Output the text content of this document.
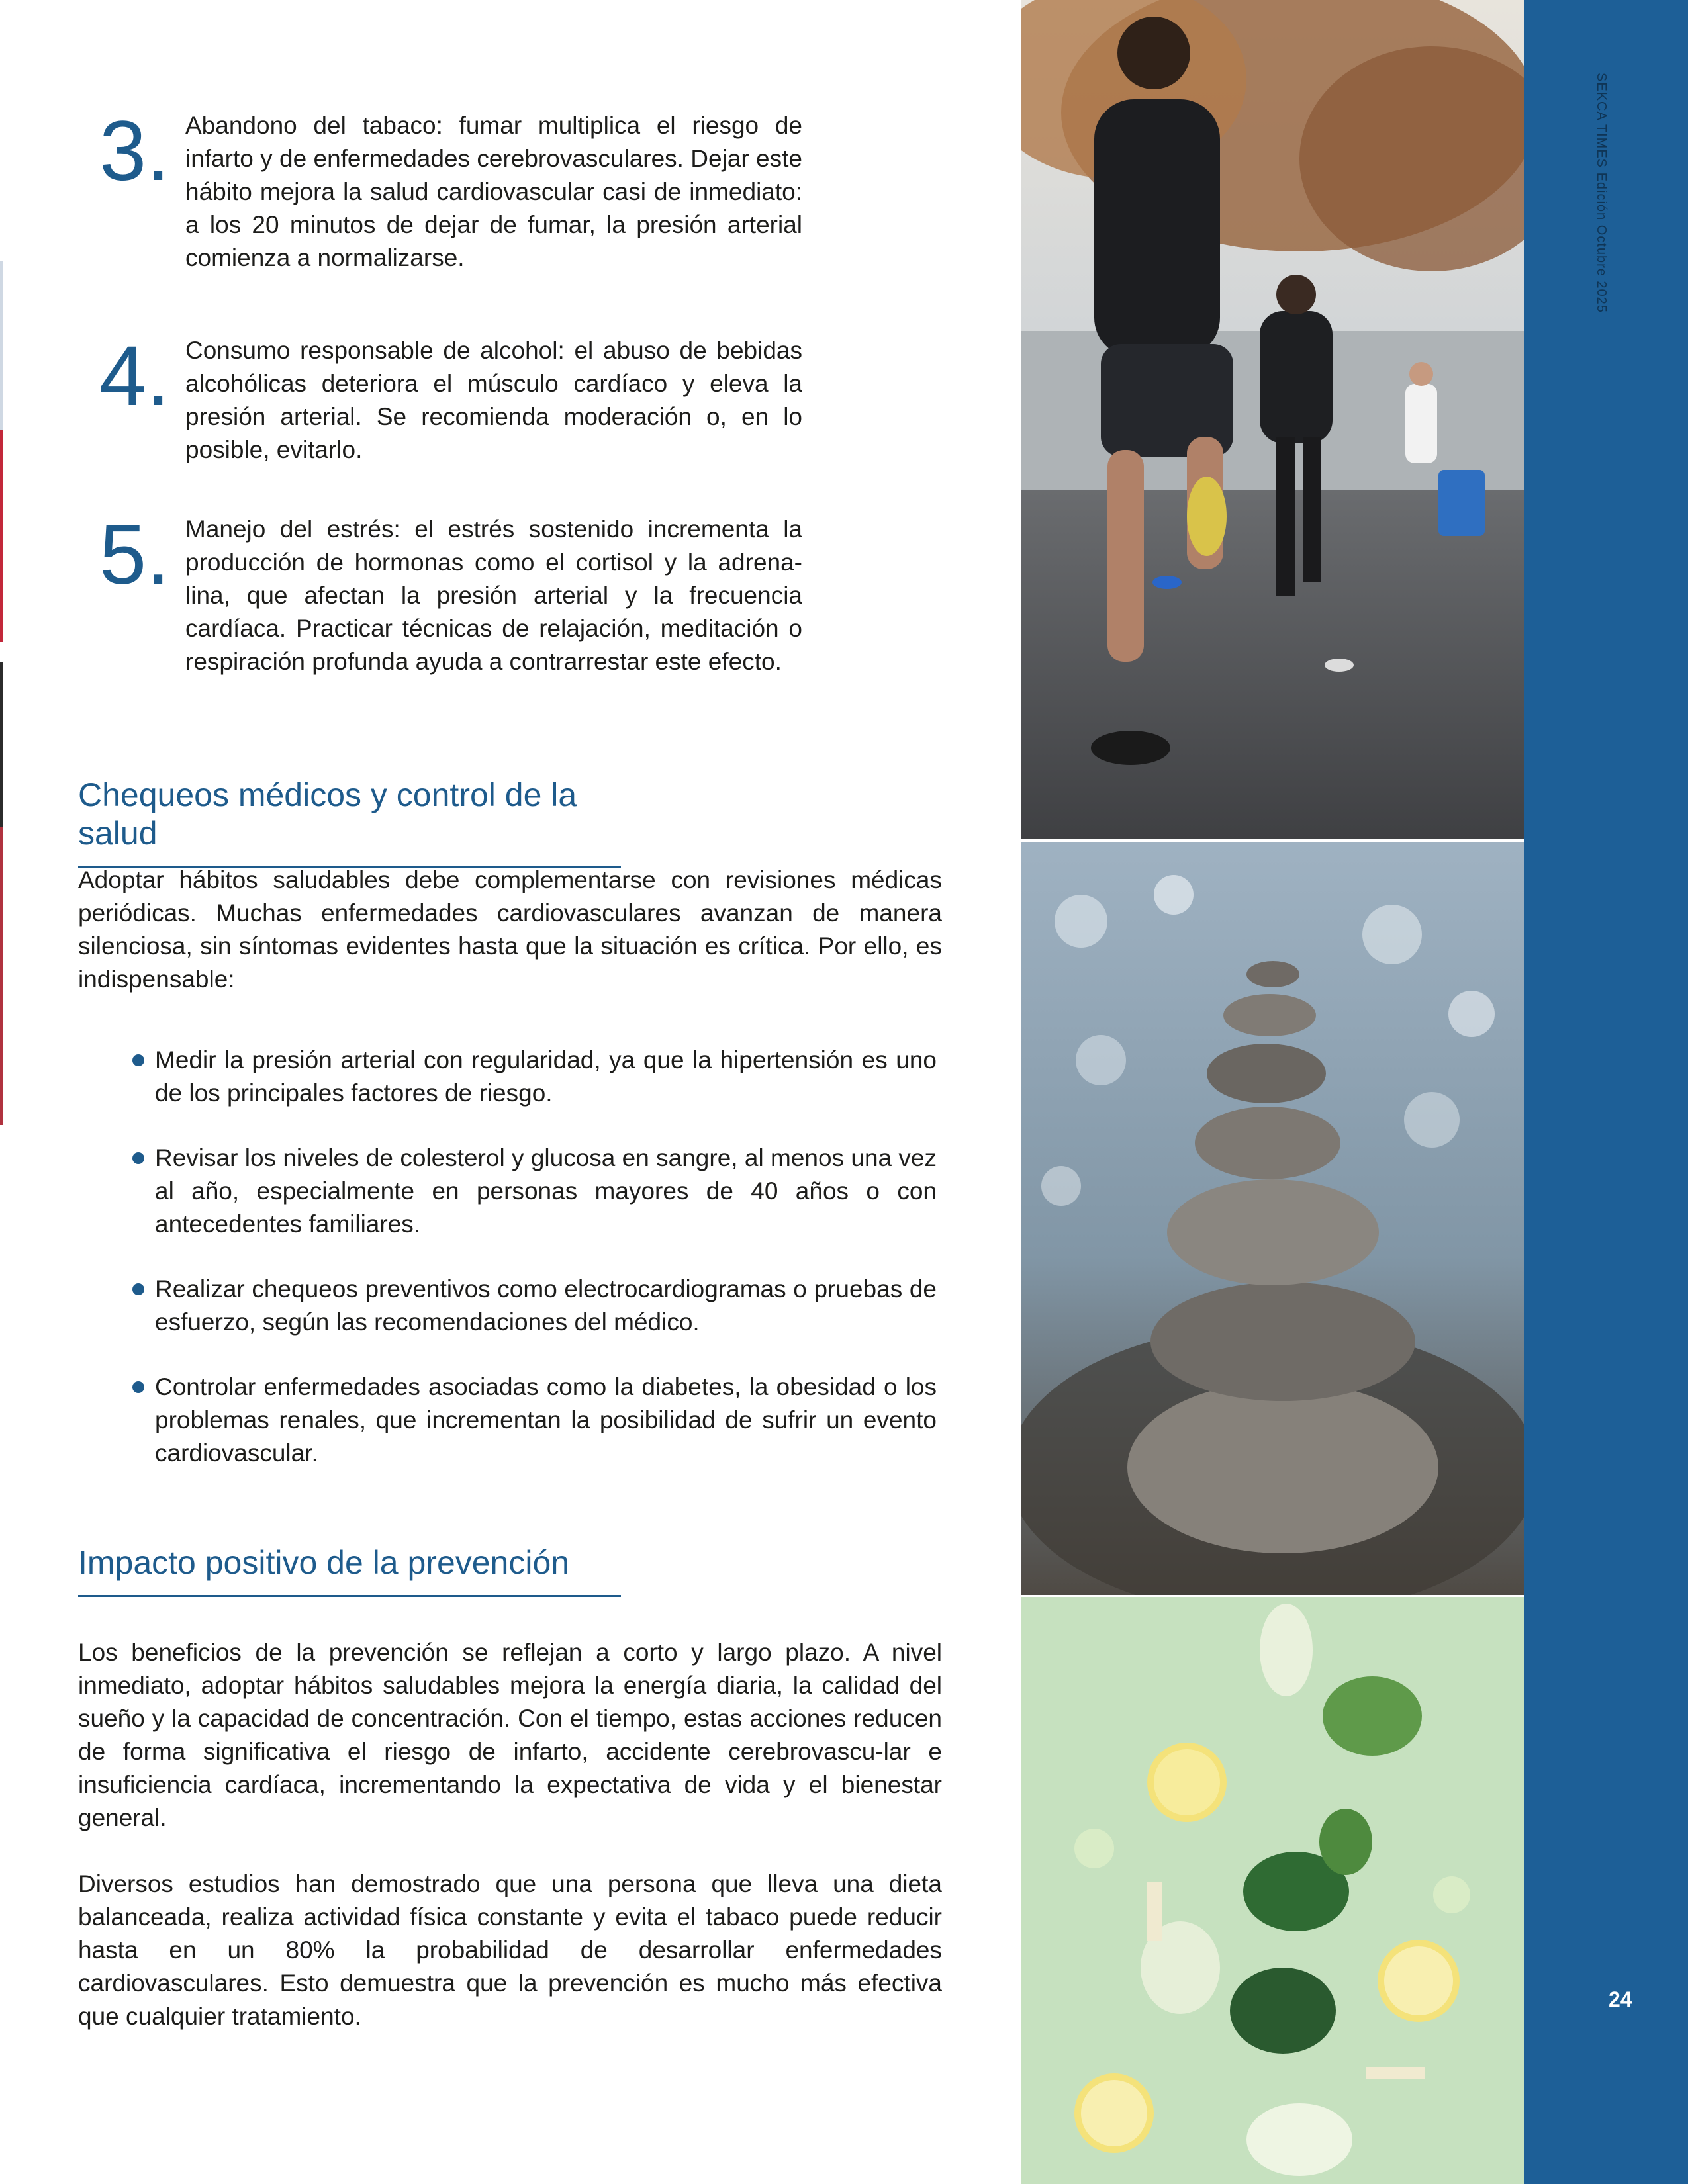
3. Abandono del tabaco: fumar multiplica el riesgo de infarto y de enfermedades cerebrovasculares. Dejar este hábito mejora la salud cardiovascular casi de inmediato: a los 20 minutos de dejar de fumar, la presión arterial comienza a normalizarse.

4. Consumo responsable de alcohol: el abuso de bebidas alcohólicas deteriora el músculo cardíaco y eleva la presión arterial. Se recomienda moderación o, en lo posible, evitarlo.

5. Manejo del estrés: el estrés sostenido incrementa la producción de hormonas como el cortisol y la adrena-lina, que afectan la presión arterial y la frecuencia cardíaca. Practicar técnicas de relajación, meditación o respiración profunda ayuda a contrarrestar este efecto.

Chequeos médicos y control de la salud

Adoptar hábitos saludables debe complementarse con revisiones médicas periódicas. Muchas enfermedades cardiovasculares avanzan de manera silenciosa, sin síntomas evidentes hasta que la situación es crítica. Por ello, es indispensable:

Medir la presión arterial con regularidad, ya que la hipertensión es uno de los principales factores de riesgo.
Revisar los niveles de colesterol y glucosa en sangre, al menos una vez al año, especialmente en personas mayores de 40 años o con antecedentes familiares.
Realizar chequeos preventivos como electrocardiogramas o pruebas de esfuerzo, según las recomendaciones del médico.
Controlar enfermedades asociadas como la diabetes, la obesidad o los problemas renales, que incrementan la posibilidad de sufrir un evento cardiovascular.
Impacto positivo de la prevención

Los beneficios de la prevención se reflejan a corto y largo plazo. A nivel inmediato, adoptar hábitos saludables mejora la energía diaria, la calidad del sueño y la capacidad de concentración. Con el tiempo, estas acciones reducen de forma significativa el riesgo de infarto, accidente cerebrovascu-lar e insuficiencia cardíaca, incrementando la expectativa de vida y el bienestar general.

Diversos estudios han demostrado que una persona que lleva una dieta balanceada, realiza actividad física constante y evita el tabaco puede reducir hasta en un 80% la probabilidad de desarrollar enfermedades cardiovasculares. Esto demuestra que la prevención es mucho más efectiva que cualquier tratamiento.

SEKCA TIMES Edición Octubre 2025
24
